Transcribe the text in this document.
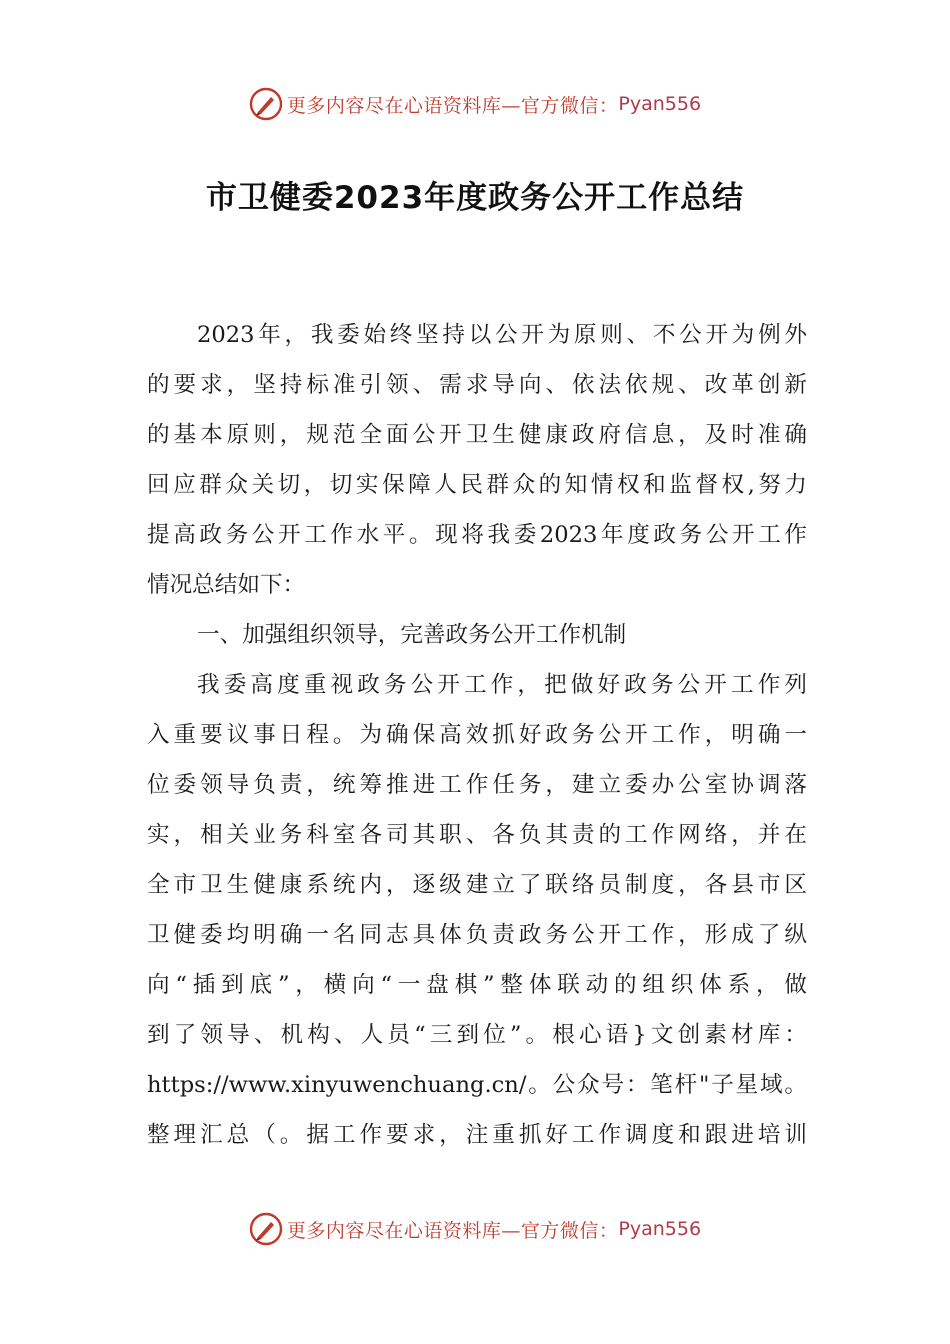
更多内容尽在心语资料库—官方微信： Pyan556
市卫健委2023年度政务公开工作总结
2023年，我委始终坚持以公开为原则、不公开为例外
的要求，坚持标准引领、需求导向、依法依规、改革创新
的基本原则，规范全面公开卫生健康政府信息，及时准确
回应群众关切，切实保障人民群众的知情权和监督权,努力
提高政务公开工作水平。现将我委2023年度政务公开工作
情况总结如下：
一、加强组织领导，完善政务公开工作机制
我委高度重视政务公开工作，把做好政务公开工作列
入重要议事日程。为确保高效抓好政务公开工作，明确一
位委领导负责，统筹推进工作任务，建立委办公室协调落
实，相关业务科室各司其职、各负其责的工作网络，并在
全市卫生健康系统内，逐级建立了联络员制度，各县市区
卫健委均明确一名同志具体负责政务公开工作，形成了纵
向“插到底”，横向“一盘棋”整体联动的组织体系，做
到了领导、机构、人员“三到位”。根心语}文创素材库：
https://www.xinyuwenchuang.cn/。公众号：笔杆"子星域。
整理汇总（。据工作要求，注重抓好工作调度和跟进培训
更多内容尽在心语资料库—官方微信： Pyan556
